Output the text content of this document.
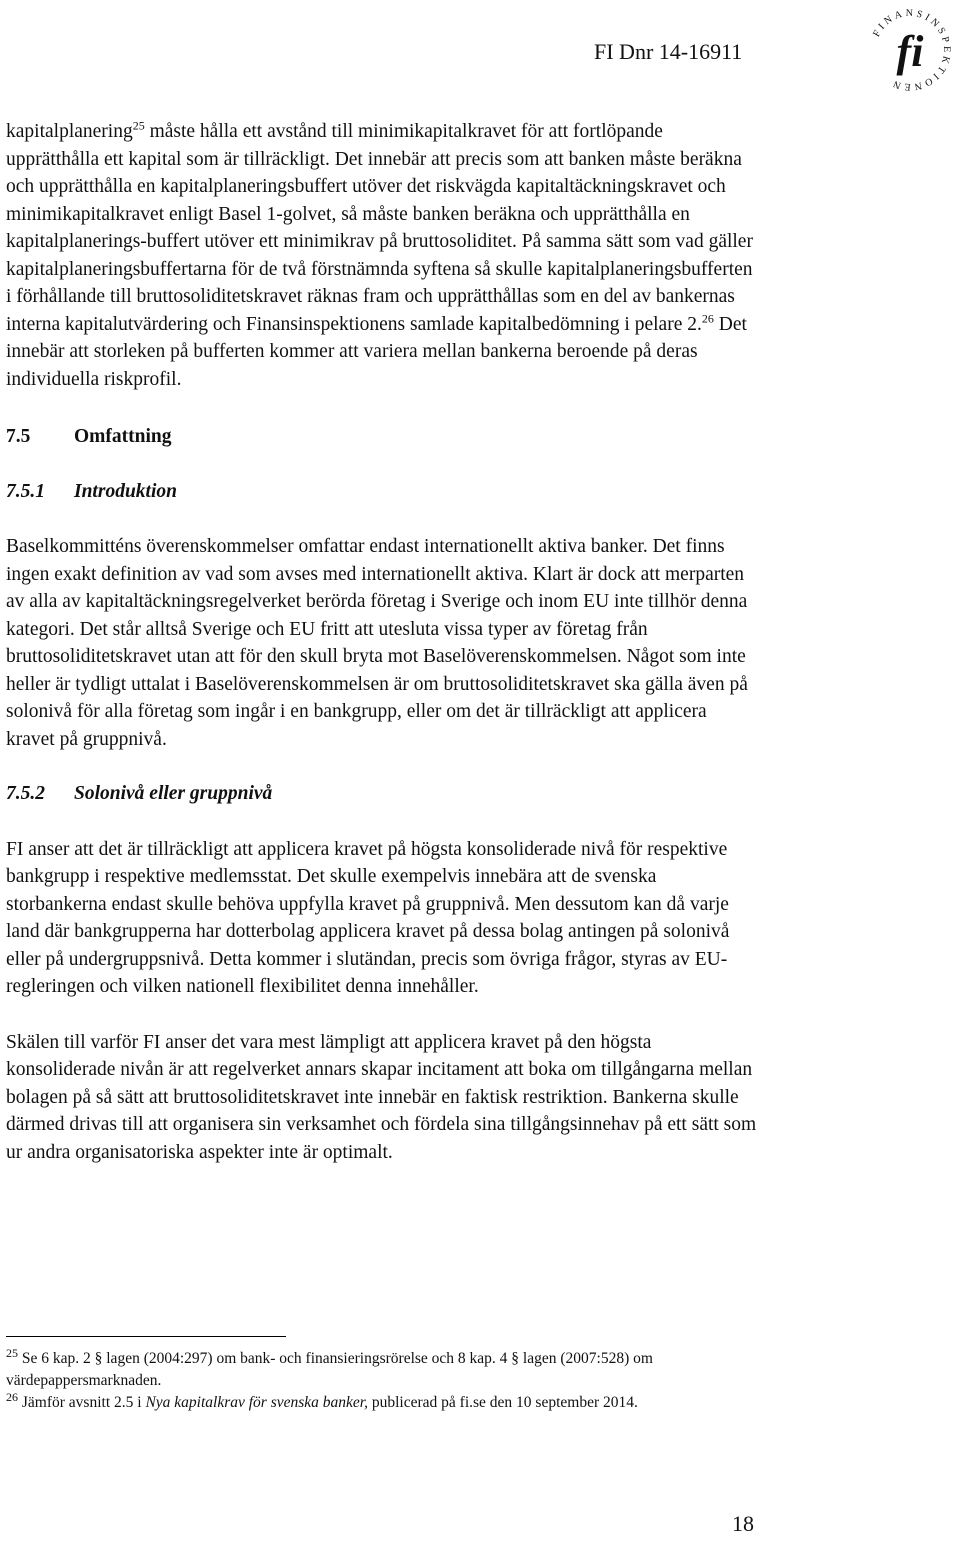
FI Dnr 14-16911
FINANSINSPEKTIONEN
fi

kapitalplanering$^{25}$ måste hålla ett avstånd till minimikapitalkravet för att fortlöpande upprätthålla ett kapital som är tillräckligt. Det innebär att precis som att banken måste beräkna och upprätthålla en kapitalplaneringsbuffert utöver det riskvägda kapitaltäckningskravet och minimikapitalkravet enligt Basel 1-golvet, så måste banken beräkna och upprätthålla en kapitalplanerings-buffert utöver ett minimikrav på bruttosoliditet. På samma sätt som vad gäller kapitalplaneringsbuffertarna för de två förstnämnda syftena så skulle kapitalplaneringsbufferten i förhållande till bruttosoliditetskravet räknas fram och upprätthållas som en del av bankernas interna kapitalutvärdering och Finansinspektionens samlade kapitalbedömning i pelare 2.26 Det innebär att storleken på bufferten kommer att variera mellan bankerna beroende på deras individuella riskprofil.

7.5 Omfattning
7.5.1 Introduktion

Baselkommitténs överenskommelser omfattar endast internationellt aktiva banker. Det finns ingen exakt definition av vad som avses med internationellt aktiva. Klart är dock att merparten av alla av kapitaltäckningsregelverket berörda företag i Sverige och inom EU inte tillhör denna kategori. Det står alltså Sverige och EU fritt att utesluta vissa typer av företag från bruttosoliditetskravet utan att för den skull bryta mot Baselöverenskommelsen. Något som inte heller är tydligt uttalat i Baselöverenskommelsen är om bruttosoliditetskravet ska gälla även på solonivå för alla företag som ingår i en bankgrupp, eller om det är tillräckligt att applicera kravet på gruppnivå.

7.5.2 Solonivå eller gruppnivå

FI anser att det är tillräckligt att applicera kravet på högsta konsoliderade nivå för respektive bankgrupp i respektive medlemsstat. Det skulle exempelvis innebära att de svenska storbankerna endast skulle behöva uppfylla kravet på gruppnivå. Men dessutom kan då varje land där bankgrupperna har dotterbolag applicera kravet på dessa bolag antingen på solonivå eller på undergruppsnivå. Detta kommer i slutändan, precis som övriga frågor, styras av EU-regleringen och vilken nationell flexibilitet denna innehåller.

Skälen till varför FI anser det vara mest lämpligt att applicera kravet på den högsta konsoliderade nivån är att regelverket annars skapar incitament att boka om tillgångarna mellan bolagen på så sätt att bruttosoliditetskravet inte innebär en faktisk restriktion. Bankerna skulle därmed drivas till att organisera sin verksamhet och fördela sina tillgångsinnehav på ett sätt som ur andra organisatoriska aspekter inte är optimalt.

$^{25}$ Se 6 kap. 2 § lagen (2004:297) om bank- och finansieringsrörelse och 8 kap. 4 § lagen (2007:528) om värdepappersmarknaden.

$^{26}$ Jämför avsnitt 2.5 i Nya kapitalkrav för svenska banker, publicerad på fi.se den 10 september 2014.

18
